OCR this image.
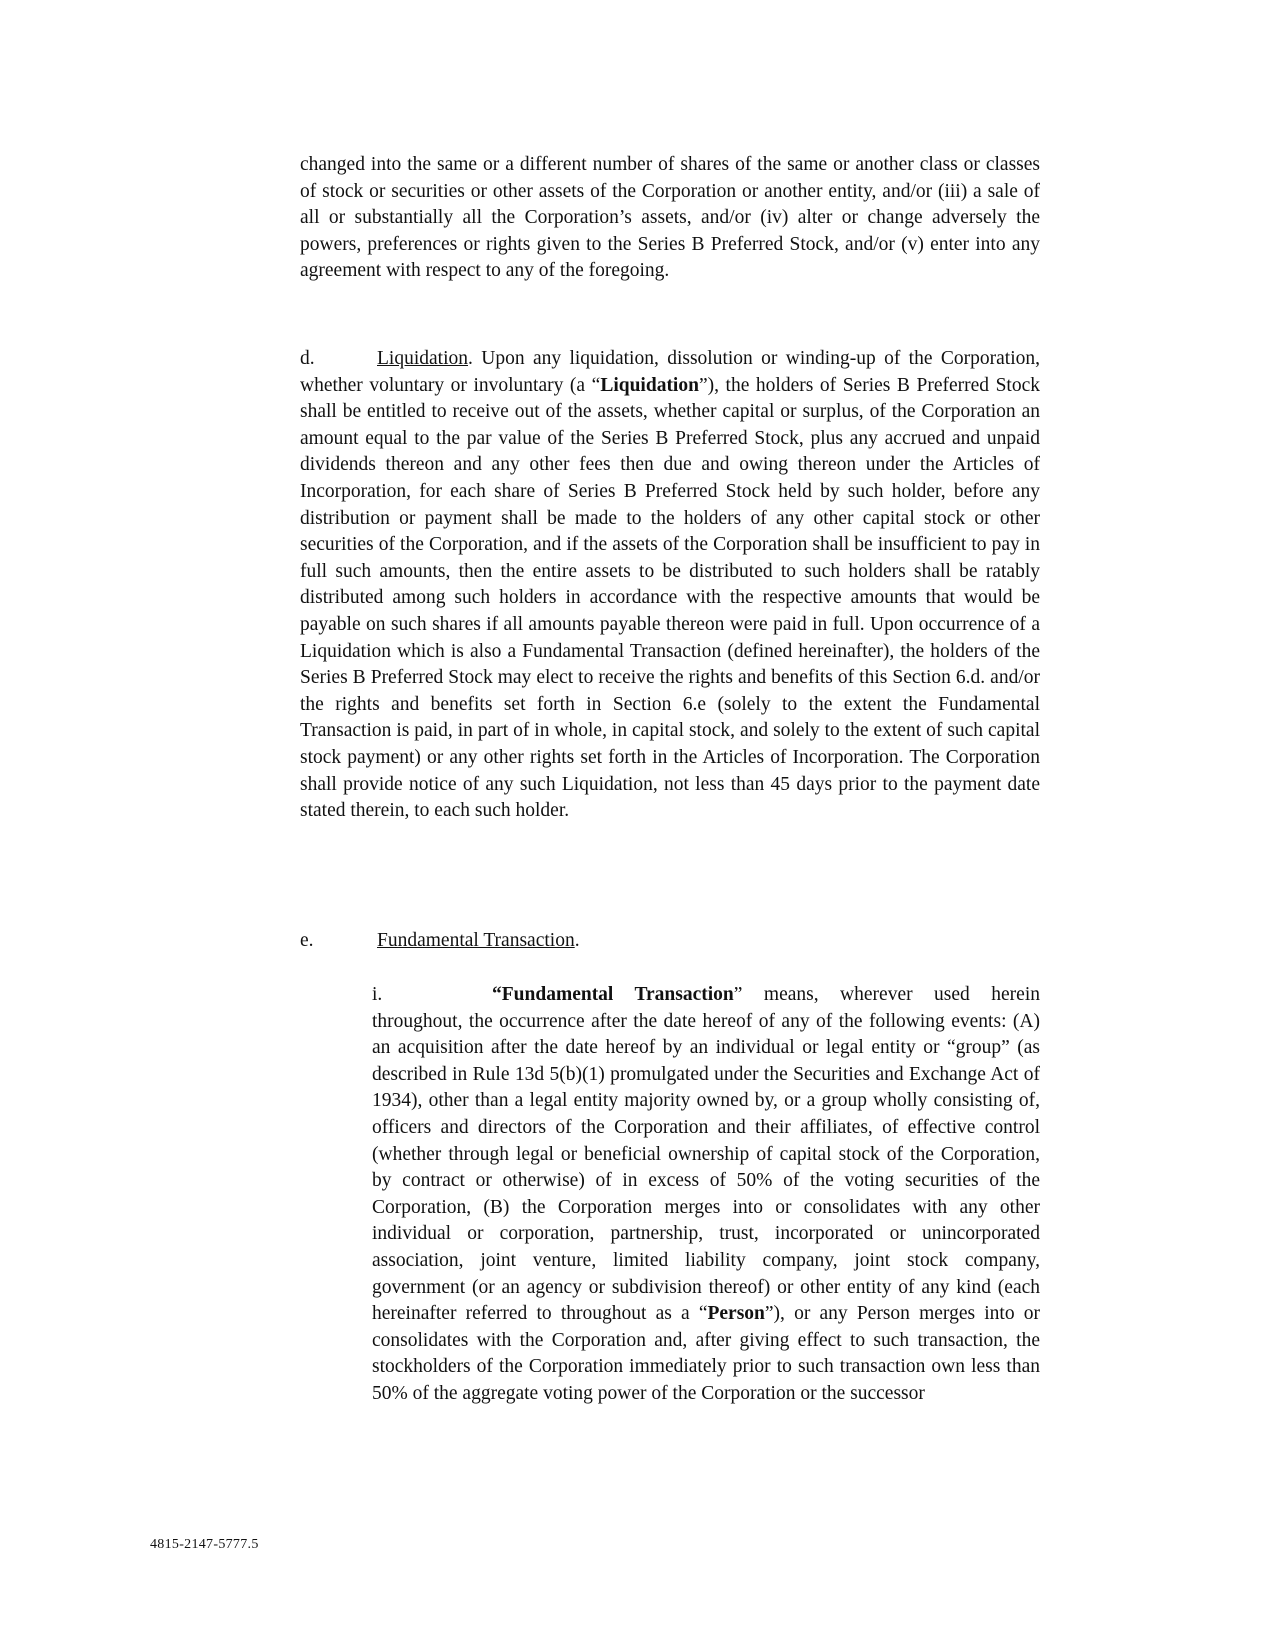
changed into the same or a different number of shares of the same or another class or classes of stock or securities or other assets of the Corporation or another entity, and/or (iii) a sale of all or substantially all the Corporation’s assets, and/or (iv) alter or change adversely the powers, preferences or rights given to the Series B Preferred Stock, and/or (v) enter into any agreement with respect to any of the foregoing.

d.	Liquidation. Upon any liquidation, dissolution or winding-up of the Corporation, whether voluntary or involuntary (a “Liquidation”), the holders of Series B Preferred Stock shall be entitled to receive out of the assets, whether capital or surplus, of the Corporation an amount equal to the par value of the Series B Preferred Stock, plus any accrued and unpaid dividends thereon and any other fees then due and owing thereon under the Articles of Incorporation, for each share of Series B Preferred Stock held by such holder, before any distribution or payment shall be made to the holders of any other capital stock or other securities of the Corporation, and if the assets of the Corporation shall be insufficient to pay in full such amounts, then the entire assets to be distributed to such holders shall be ratably distributed among such holders in accordance with the respective amounts that would be payable on such shares if all amounts payable thereon were paid in full. Upon occurrence of a Liquidation which is also a Fundamental Transaction (defined hereinafter), the holders of the Series B Preferred Stock may elect to receive the rights and benefits of this Section 6.d. and/or the rights and benefits set forth in Section 6.e (solely to the extent the Fundamental Transaction is paid, in part of in whole, in capital stock, and solely to the extent of such capital stock payment) or any other rights set forth in the Articles of Incorporation. The Corporation shall provide notice of any such Liquidation, not less than 45 days prior to the payment date stated therein, to each such holder.

e.	Fundamental Transaction.

i.	“Fundamental Transaction” means, wherever used herein throughout, the occurrence after the date hereof of any of the following events: (A) an acquisition after the date hereof by an individual or legal entity or “group” (as described in Rule 13d 5(b)(1) promulgated under the Securities and Exchange Act of 1934), other than a legal entity majority owned by, or a group wholly consisting of, officers and directors of the Corporation and their affiliates, of effective control (whether through legal or beneficial ownership of capital stock of the Corporation, by contract or otherwise) of in excess of 50% of the voting securities of the Corporation, (B) the Corporation merges into or consolidates with any other individual or corporation, partnership, trust, incorporated or unincorporated association, joint venture, limited liability company, joint stock company, government (or an agency or subdivision thereof) or other entity of any kind (each hereinafter referred to throughout as a “Person”), or any Person merges into or consolidates with the Corporation and, after giving effect to such transaction, the stockholders of the Corporation immediately prior to such transaction own less than 50% of the aggregate voting power of the Corporation or the successor

4815-2147-5777.5
